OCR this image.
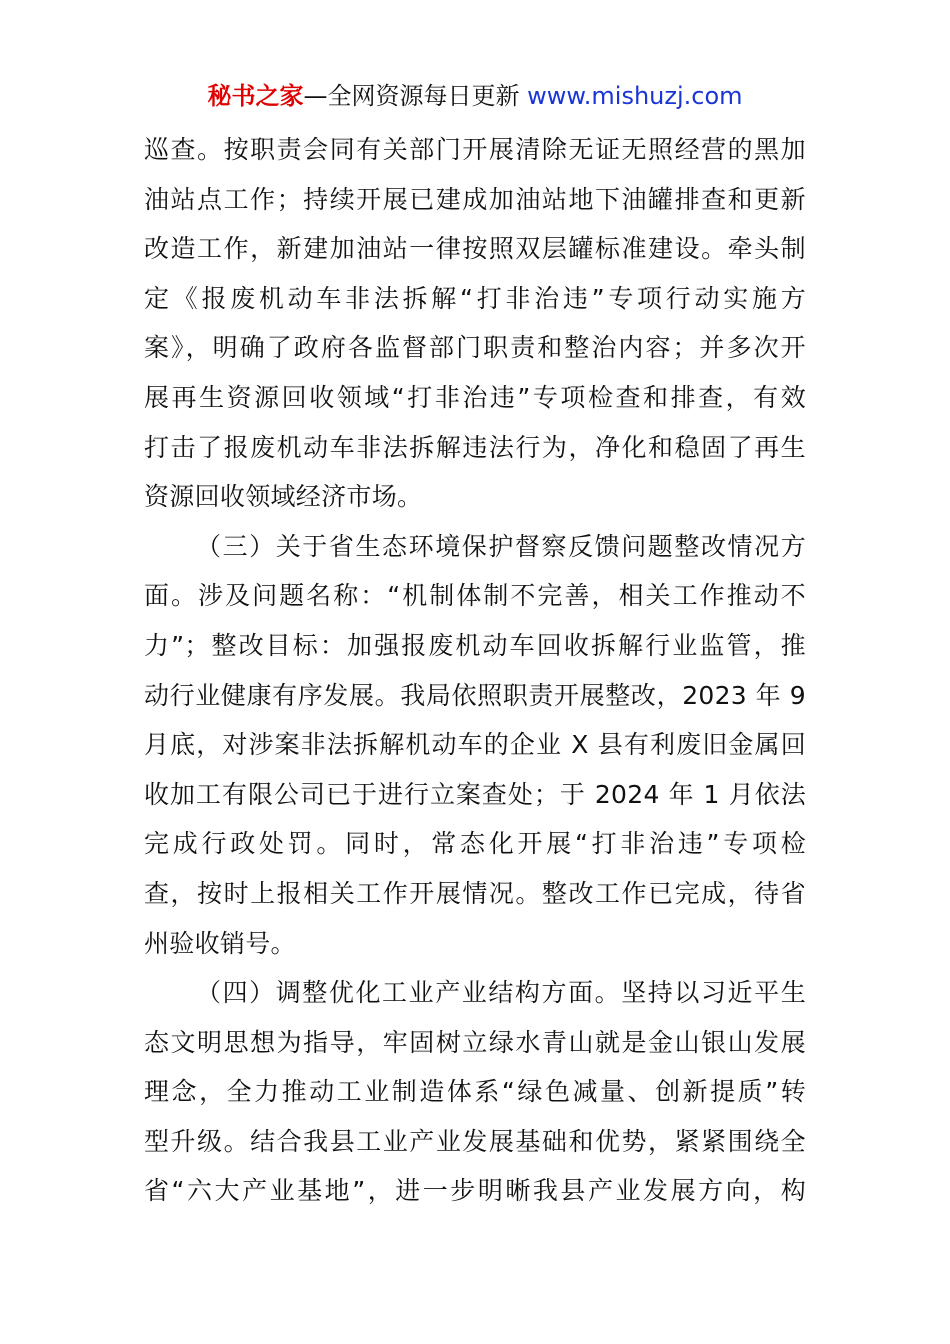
秘书之家—全网资源每日更新 www.mishuzj.com
巡查。按职责会同有关部门开展清除无证无照经营的黑加
油站点工作；持续开展已建成加油站地下油罐排查和更新
改造工作，新建加油站一律按照双层罐标准建设。牵头制
定《报废机动车非法拆解“打非治违”专项行动实施方
案》，明确了政府各监督部门职责和整治内容；并多次开
展再生资源回收领域“打非治违”专项检查和排查，有效
打击了报废机动车非法拆解违法行为，净化和稳固了再生
资源回收领域经济市场。
（三）关于省生态环境保护督察反馈问题整改情况方
面。涉及问题名称：“机制体制不完善，相关工作推动不
力”；整改目标：加强报废机动车回收拆解行业监管，推
动行业健康有序发展。我局依照职责开展整改，2023 年 9
月底，对涉案非法拆解机动车的企业 X 县有利废旧金属回
收加工有限公司已于进行立案查处；于 2024 年 1 月依法
完成行政处罚。同时，常态化开展“打非治违”专项检
查，按时上报相关工作开展情况。整改工作已完成，待省
州验收销号。
（四）调整优化工业产业结构方面。坚持以习近平生
态文明思想为指导，牢固树立绿水青山就是金山银山发展
理念，全力推动工业制造体系“绿色减量、创新提质”转
型升级。结合我县工业产业发展基础和优势，紧紧围绕全
省“六大产业基地”，进一步明晰我县产业发展方向，构
